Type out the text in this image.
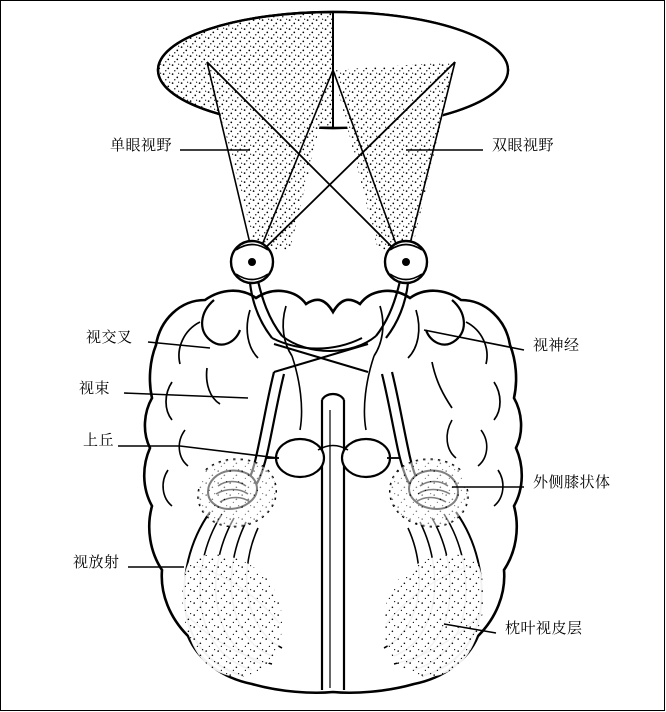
单眼视野	双眼视野
视交叉	视神经
视束
上丘
外侧膝状体
视放射
枕叶视皮层
